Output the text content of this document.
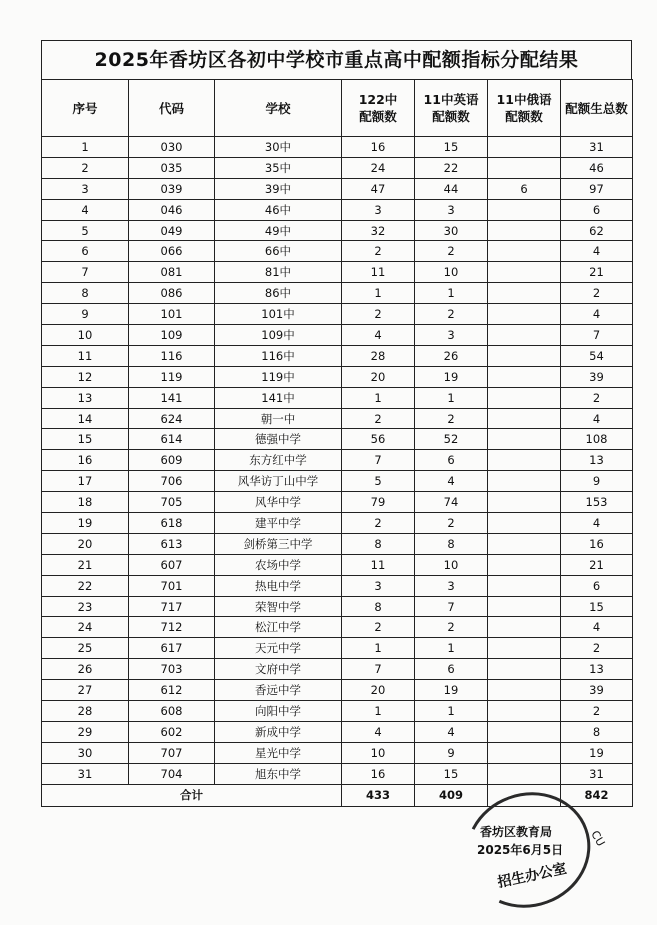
2025年香坊区各初中学校市重点高中配额指标分配结果
序号	代码	学校	122中配额数	11中英语配额数	11中俄语配额数	配额生总数
1	030	30中	16	15		31
2	035	35中	24	22		46
3	039	39中	47	44	6	97
4	046	46中	3	3		6
5	049	49中	32	30		62
6	066	66中	2	2		4
7	081	81中	11	10		21
8	086	86中	1	1		2
9	101	101中	2	2		4
10	109	109中	4	3		7
11	116	116中	28	26		54
12	119	119中	20	19		39
13	141	141中	1	1		2
14	624	朝一中	2	2		4
15	614	德强中学	56	52		108
16	609	东方红中学	7	6		13
17	706	风华访丁山中学	5	4		9
18	705	风华中学	79	74		153
19	618	建平中学	2	2		4
20	613	剑桥第三中学	8	8		16
21	607	农场中学	11	10		21
22	701	热电中学	3	3		6
23	717	荣智中学	8	7		15
24	712	松江中学	2	2		4
25	617	天元中学	1	1		2
26	703	文府中学	7	6		13
27	612	香远中学	20	19		39
28	608	向阳中学	1	1		2
29	602	新成中学	4	4		8
30	707	星光中学	10	9		19
31	704	旭东中学	16	15		31
合计			433	409		842
香坊区教育局
2025年6月5日
招生办公室
CU
